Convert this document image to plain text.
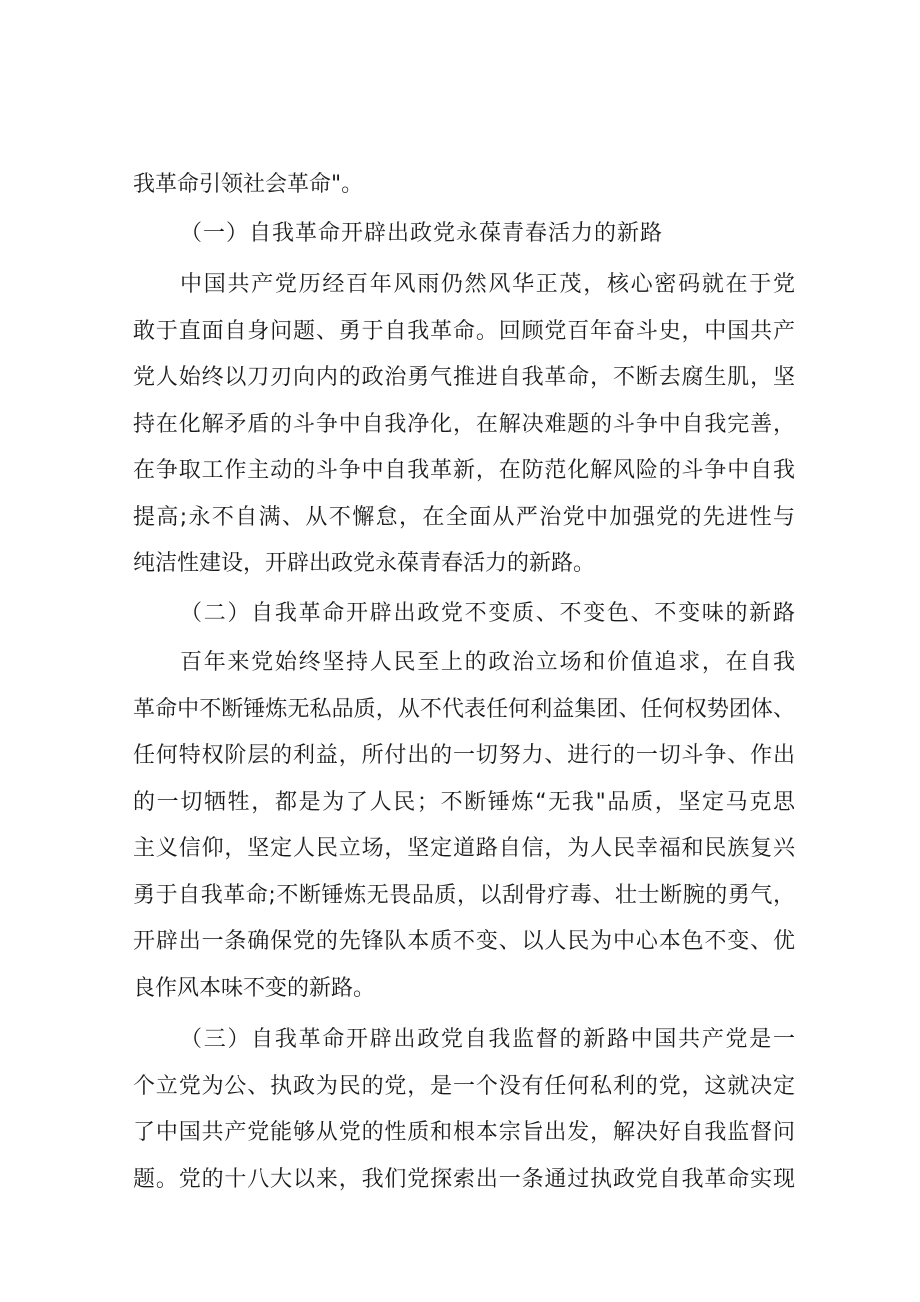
我革命引领社会革命"。
（一）自我革命开辟出政党永葆青春活力的新路
中国共产党历经百年风雨仍然风华正茂，核心密码就在于党
敢于直面自身问题、勇于自我革命。回顾党百年奋斗史，中国共产
党人始终以刀刃向内的政治勇气推进自我革命，不断去腐生肌，坚
持在化解矛盾的斗争中自我净化，在解决难题的斗争中自我完善，
在争取工作主动的斗争中自我革新，在防范化解风险的斗争中自我
提高;永不自满、从不懈怠，在全面从严治党中加强党的先进性与
纯洁性建设，开辟出政党永葆青春活力的新路。
（二）自我革命开辟出政党不变质、不变色、不变味的新路
百年来党始终坚持人民至上的政治立场和价值追求，在自我
革命中不断锤炼无私品质，从不代表任何利益集团、任何权势团体、
任何特权阶层的利益，所付出的一切努力、进行的一切斗争、作出
的一切牺牲，都是为了人民；不断锤炼“无我"品质，坚定马克思
主义信仰，坚定人民立场，坚定道路自信，为人民幸福和民族复兴
勇于自我革命;不断锤炼无畏品质，以刮骨疗毒、壮士断腕的勇气，
开辟出一条确保党的先锋队本质不变、以人民为中心本色不变、优
良作风本味不变的新路。
（三）自我革命开辟出政党自我监督的新路中国共产党是一
个立党为公、执政为民的党，是一个没有任何私利的党，这就决定
了中国共产党能够从党的性质和根本宗旨出发，解决好自我监督问
题。党的十八大以来，我们党探索出一条通过执政党自我革命实现
